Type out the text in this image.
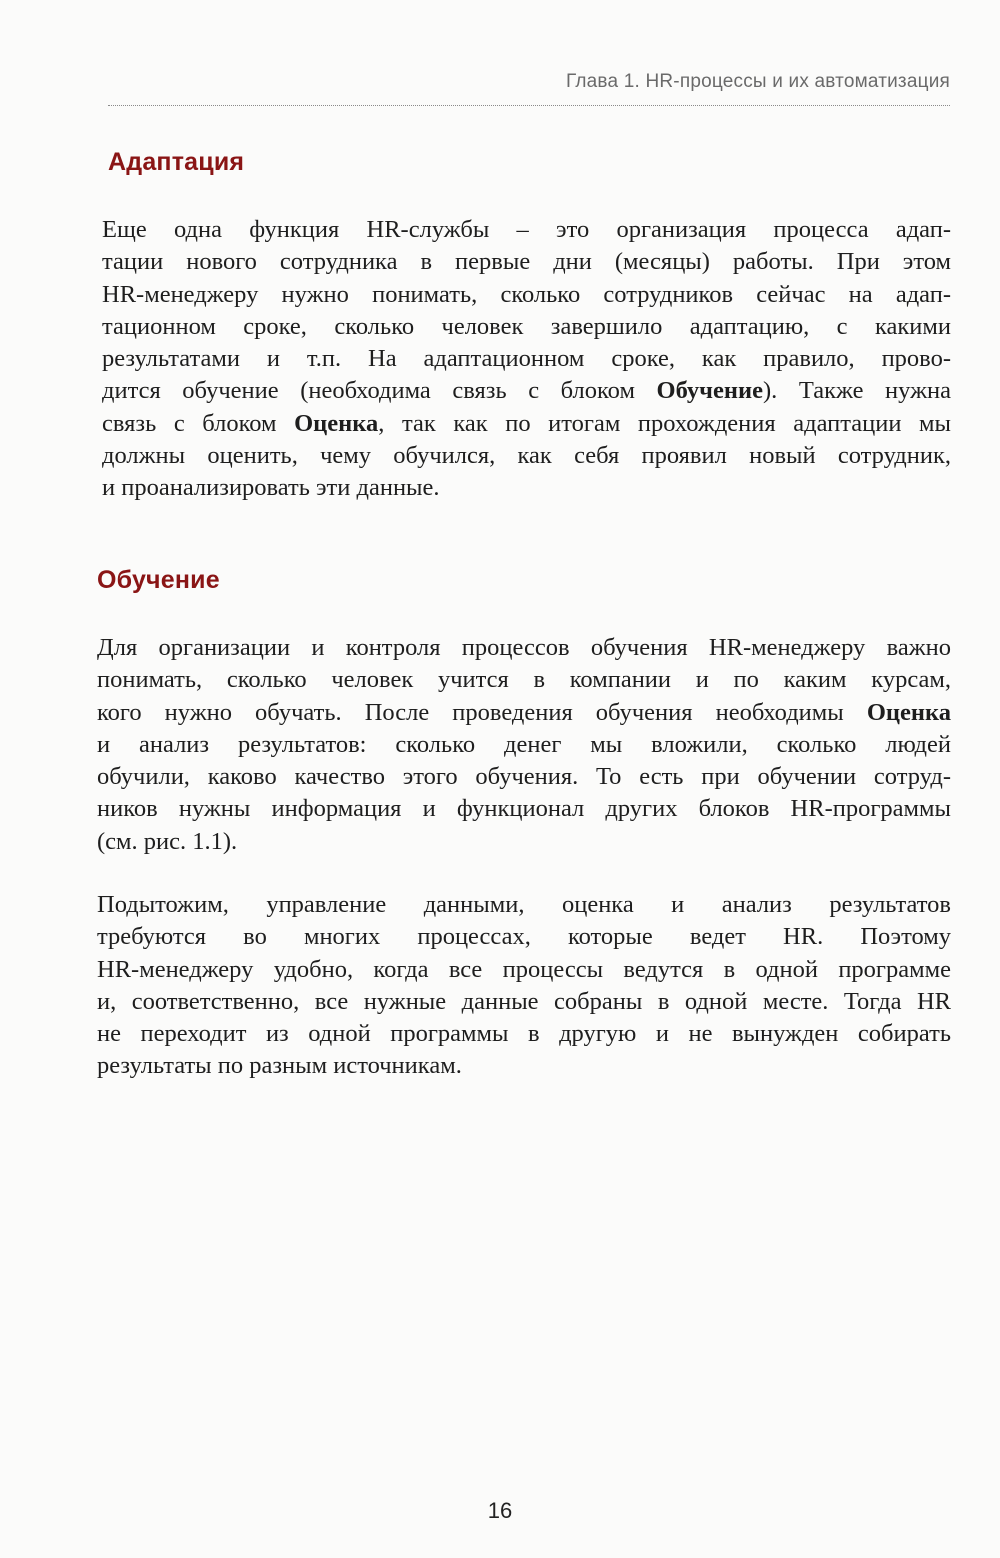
Глава 1. HR-процессы и их автоматизация
Адаптация
Еще одна функция HR-службы – это организация процесса адап-
тации нового сотрудника в первые дни (месяцы) работы. При этом
HR-менеджеру нужно понимать, сколько сотрудников сейчас на адап-
тационном сроке, сколько человек завершило адаптацию, с какими
результатами и т.п. На адаптационном сроке, как правило, прово-
дится обучение (необходима связь с блоком Обучение). Также нужна
связь с блоком Оценка, так как по итогам прохождения адаптации мы
должны оценить, чему обучился, как себя проявил новый сотрудник,
и проанализировать эти данные.
Обучение
Для организации и контроля процессов обучения HR-менеджеру важно
понимать, сколько человек учится в компании и по каким курсам,
кого нужно обучать. После проведения обучения необходимы Оценка
и анализ результатов: сколько денег мы вложили, сколько людей
обучили, каково качество этого обучения. То есть при обучении сотруд-
ников нужны информация и функционал других блоков HR-программы
(см. рис. 1.1).
Подытожим, управление данными, оценка и анализ результатов
требуются во многих процессах, которые ведет HR. Поэтому
HR-менеджеру удобно, когда все процессы ведутся в одной программе
и, соответственно, все нужные данные собраны в одной месте. Тогда HR
не переходит из одной программы в другую и не вынужден собирать
результаты по разным источникам.
16
